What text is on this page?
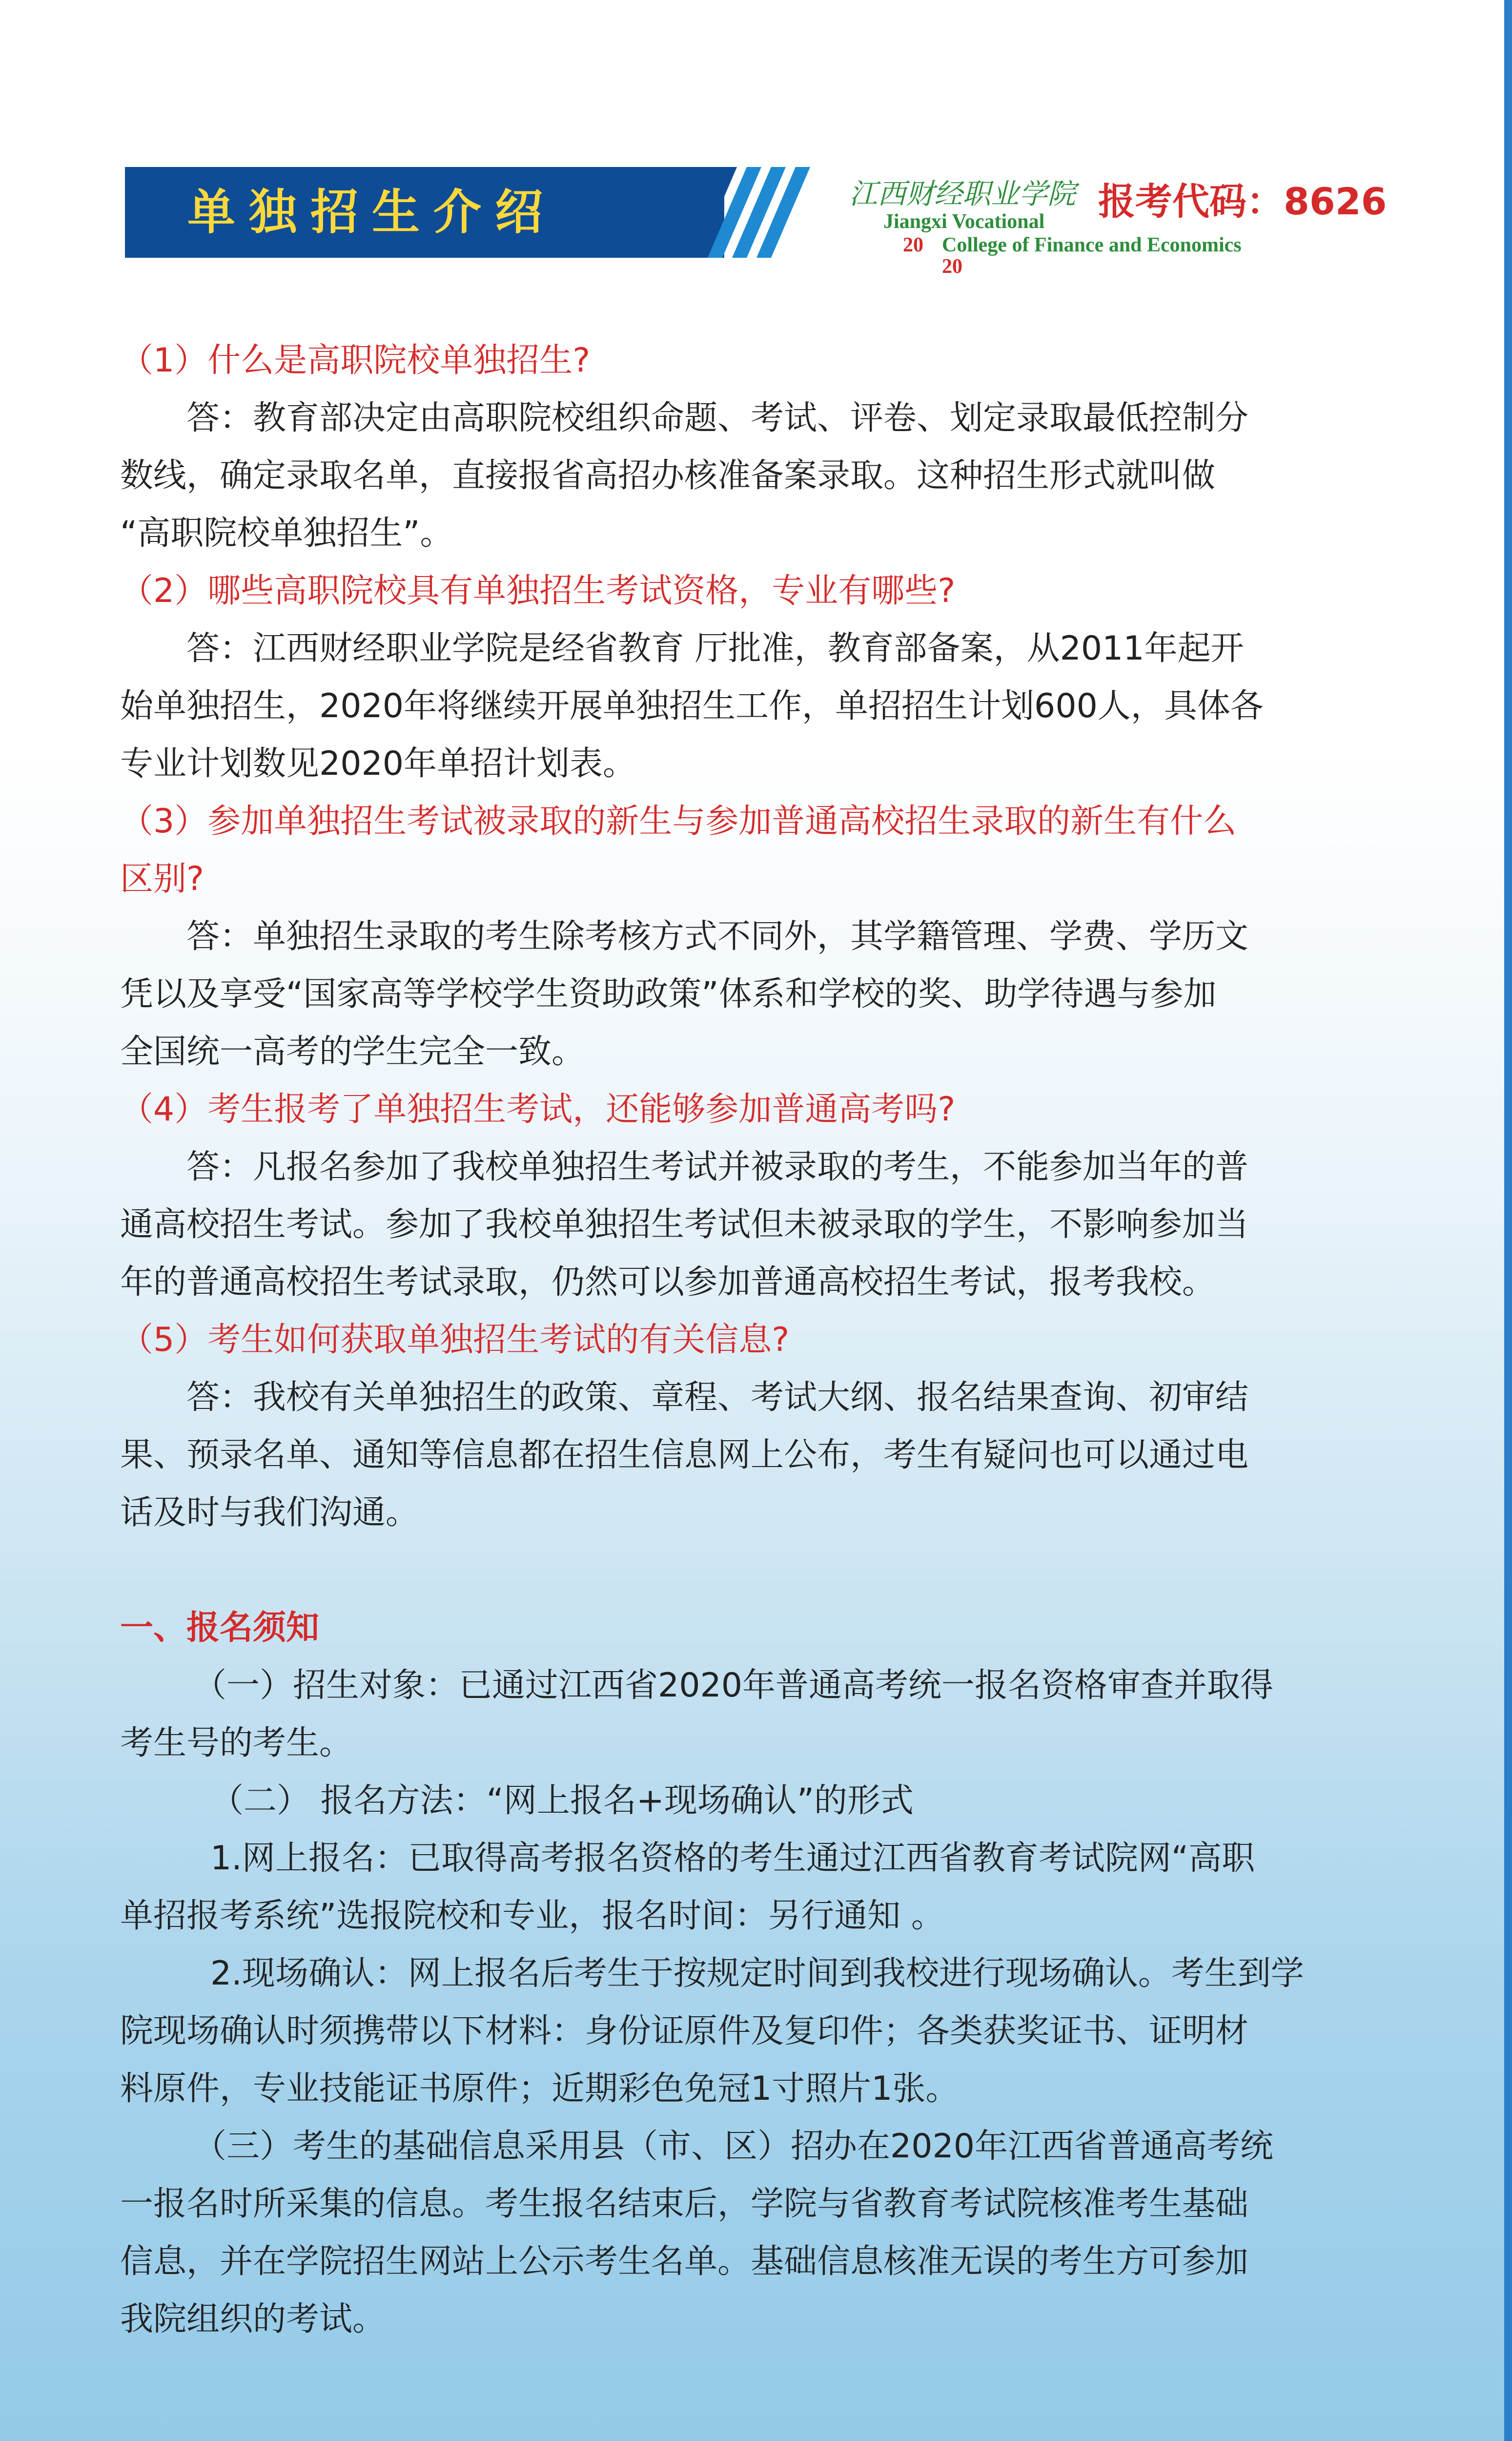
单独招生介绍	江西财经职业学院
Jiangxi Vocational
20 College of Finance and Economics
20
报考代码：8626

（1）什么是高职院校单独招生?

答：教育部决定由高职院校组织命题、考试、评卷、划定录取最低控制分

数线，确定录取名单，直接报省高招办核准备案录取。这种招生形式就叫做

“高职院校单独招生”。

（2）哪些高职院校具有单独招生考试资格，专业有哪些?

答：江西财经职业学院是经省教育 厅批准，教育部备案，从2011年起开

始单独招生，2020年将继续开展单独招生工作，单招招生计划600人，具体各

专业计划数见2020年单招计划表。

（3）参加单独招生考试被录取的新生与参加普通高校招生录取的新生有什么

区别?

答：单独招生录取的考生除考核方式不同外，其学籍管理、学费、学历文

凭以及享受“国家高等学校学生资助政策”体系和学校的奖、助学待遇与参加

全国统一高考的学生完全一致。

（4）考生报考了单独招生考试，还能够参加普通高考吗?

答：凡报名参加了我校单独招生考试并被录取的考生，不能参加当年的普

通高校招生考试。参加了我校单独招生考试但未被录取的学生，不影响参加当

年的普通高校招生考试录取，仍然可以参加普通高校招生考试，报考我校。

（5）考生如何获取单独招生考试的有关信息?

答：我校有关单独招生的政策、章程、考试大纲、报名结果查询、初审结

果、预录名单、通知等信息都在招生信息网上公布，考生有疑问也可以通过电

话及时与我们沟通。

一、报名须知

（一）招生对象：已通过江西省2020年普通高考统一报名资格审查并取得

考生号的考生。

（二） 报名方法：“网上报名+现场确认”的形式

1.网上报名：已取得高考报名资格的考生通过江西省教育考试院网“高职

单招报考系统”选报院校和专业，报名时间：另行通知 。

2.现场确认：网上报名后考生于按规定时间到我校进行现场确认。考生到学

院现场确认时须携带以下材料：身份证原件及复印件；各类获奖证书、证明材

料原件，专业技能证书原件；近期彩色免冠1寸照片1张。

（三）考生的基础信息采用县（市、区）招办在2020年江西省普通高考统

一报名时所采集的信息。考生报名结束后，学院与省教育考试院核准考生基础

信息，并在学院招生网站上公示考生名单。基础信息核准无误的考生方可参加

我院组织的考试。
